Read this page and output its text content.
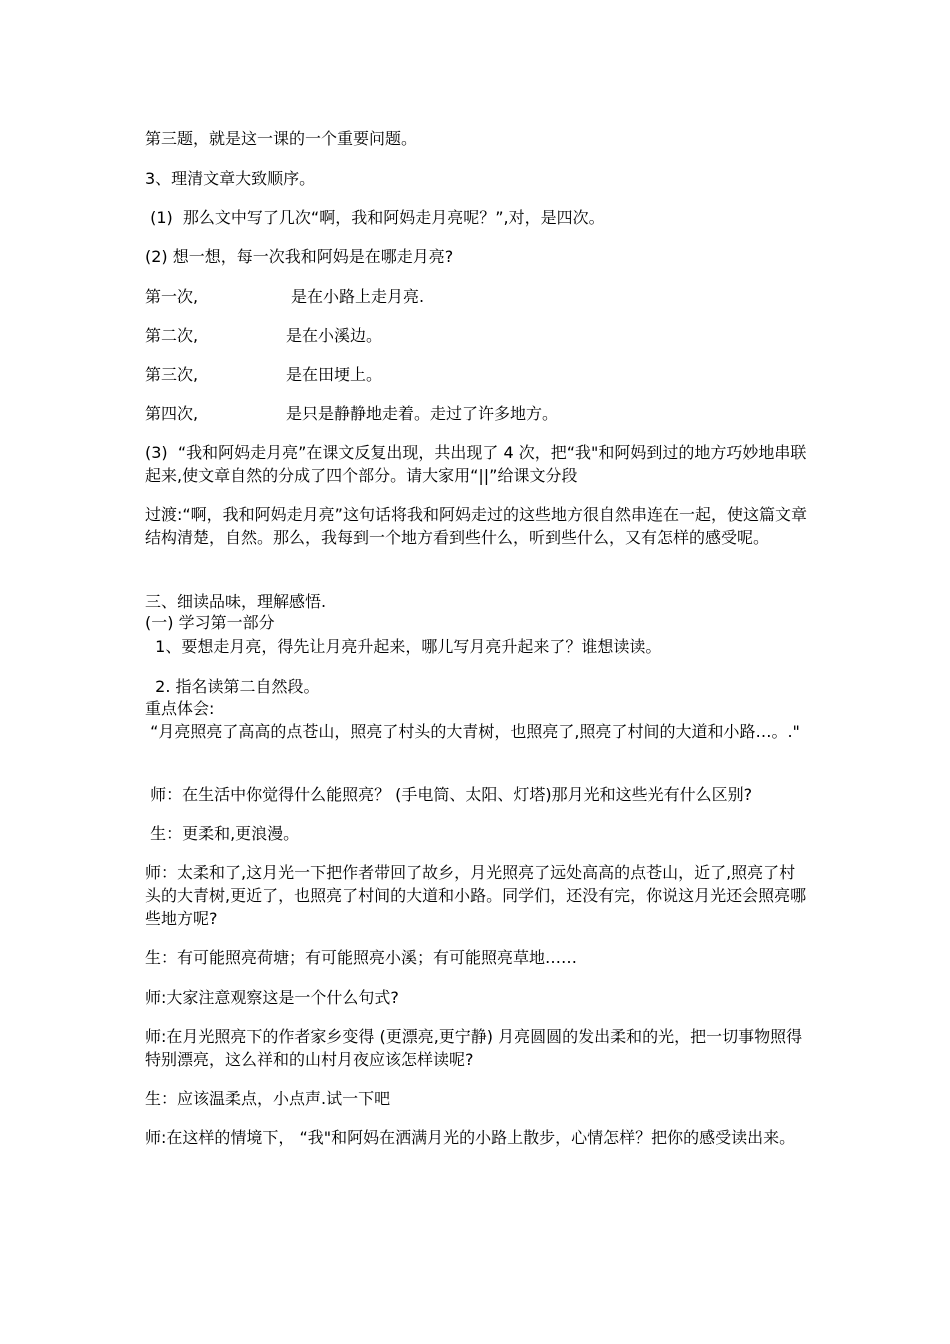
第三题，就是这一课的一个重要问题。

3、理清文章大致顺序。

(1)  那么文中写了几次“啊，我和阿妈走月亮呢？”,对，是四次。

(2) 想一想，每一次我和阿妈是在哪走月亮?

第一次,	是在小路上走月亮.
第二次,	是在小溪边。
第三次,	是在田埂上。
第四次,	是只是静静地走着。走过了许多地方。

(3)  “我和阿妈走月亮”在课文反复出现，共出现了 4 次，把“我"和阿妈到过的地方巧妙地串联起来,使文章自然的分成了四个部分。请大家用“||”给课文分段

过渡:“啊，我和阿妈走月亮”这句话将我和阿妈走过的这些地方很自然串连在一起，使这篇文章结构清楚，自然。那么，我每到一个地方看到些什么，听到些什么，又有怎样的感受呢。

三、细读品味，理解感悟.

(一) 学习第一部分

1、要想走月亮，得先让月亮升起来，哪儿写月亮升起来了？谁想读读。

2. 指名读第二自然段。

重点体会:

“月亮照亮了高高的点苍山，照亮了村头的大青树，也照亮了,照亮了村间的大道和小路…。."

师：在生活中你觉得什么能照亮？ (手电筒、太阳、灯塔)那月光和这些光有什么区别?

生：更柔和,更浪漫。

师：太柔和了,这月光一下把作者带回了故乡，月光照亮了远处高高的点苍山，近了,照亮了村头的大青树,更近了，也照亮了村间的大道和小路。同学们，还没有完，你说这月光还会照亮哪些地方呢?

生：有可能照亮荷塘；有可能照亮小溪；有可能照亮草地……

师:大家注意观察这是一个什么句式?

师:在月光照亮下的作者家乡变得 (更漂亮,更宁静) 月亮圆圆的发出柔和的光，把一切事物照得特别漂亮，这么祥和的山村月夜应该怎样读呢?

生：应该温柔点，小点声.试一下吧

师:在这样的情境下， “我"和阿妈在洒满月光的小路上散步，心情怎样？把你的感受读出来。
